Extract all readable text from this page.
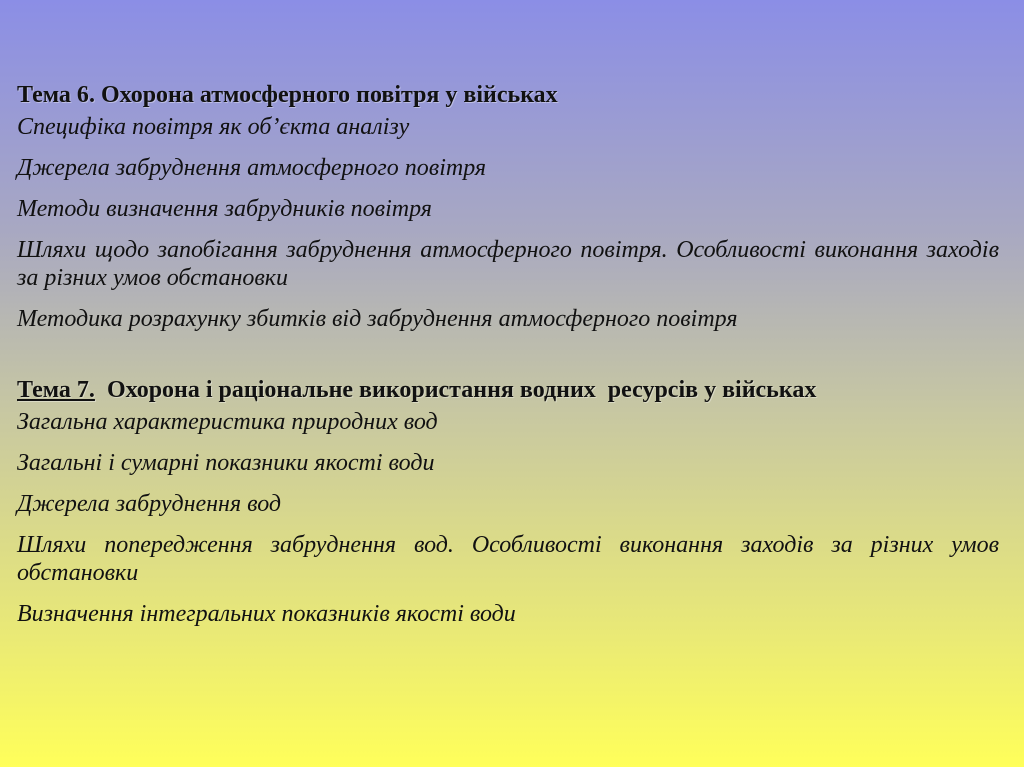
Тема 6. Охорона атмосферного повітря у військах

Специфіка повітря як об’єкта аналізу

Джерела забруднення атмосферного повітря

Методи визначення забрудників повітря

Шляхи щодо запобігання забруднення атмосферного повітря. Особливості виконання заходів за різних умов обстановки

Методика розрахунку збитків від забруднення атмосферного повітря

Тема 7.  Охорона і раціональне використання водних  ресурсів у військах

Загальна характеристика природних вод

Загальні і сумарні показники якості води

Джерела забруднення вод

Шляхи попередження забруднення вод. Особливості виконання заходів за різних умов обстановки

Визначення інтегральних показників якості води
